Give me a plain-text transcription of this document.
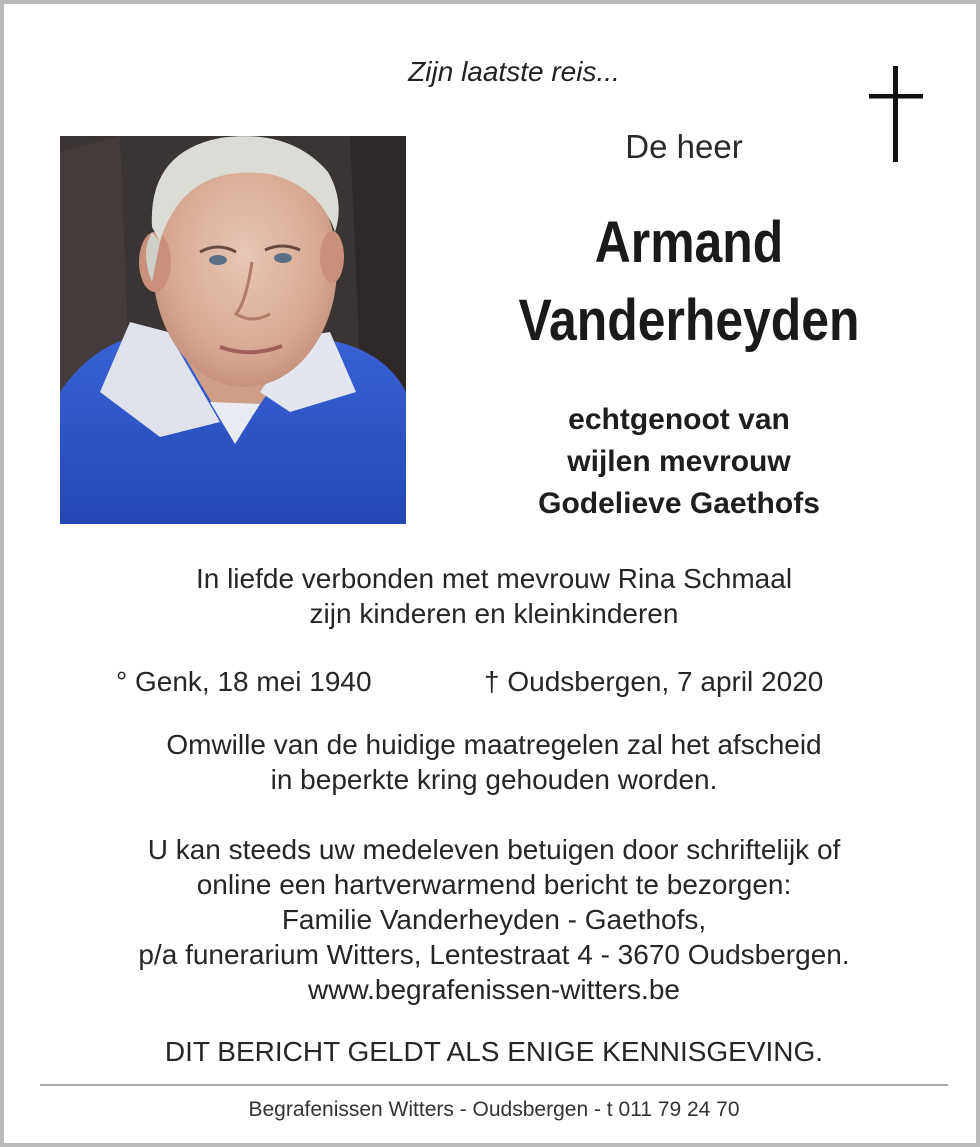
Zijn laatste reis...
De heer
Armand
Vanderheyden
echtgenoot van
wijlen mevrouw
Godelieve Gaethofs
In liefde verbonden met mevrouw Rina Schmaal
zijn kinderen en kleinkinderen
° Genk, 18 mei 1940	† Oudsbergen, 7 april 2020
Omwille van de huidige maatregelen zal het afscheid
in beperkte kring gehouden worden.
U kan steeds uw medeleven betuigen door schriftelijk of
online een hartverwarmend bericht te bezorgen:
Familie Vanderheyden - Gaethofs,
p/a funerarium Witters, Lentestraat 4 - 3670 Oudsbergen.
www.begrafenissen-witters.be
DIT BERICHT GELDT ALS ENIGE KENNISGEVING.
Begrafenissen Witters - Oudsbergen - t 011 79 24 70
